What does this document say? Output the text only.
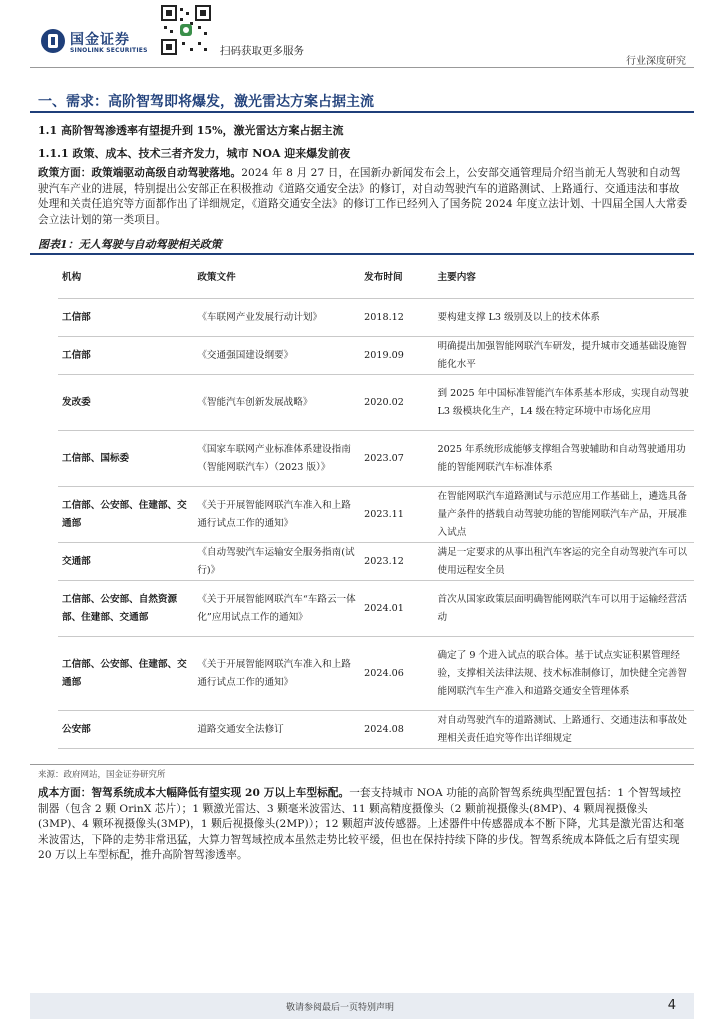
国金证券
SINOLINK SECURITIES	扫码获取更多服务
行业深度研究
一、需求：高阶智驾即将爆发，激光雷达方案占据主流
1.1 高阶智驾渗透率有望提升到 15%，激光雷达方案占据主流
1.1.1 政策、成本、技术三者齐发力，城市 NOA 迎来爆发前夜
政策方面：政策端驱动高级自动驾驶落地。2024 年 8 月 27 日，在国新办新闻发布会上，公安部交通管理局介绍当前无人驾驶和自动驾驶汽车产业的进展，特别提出公安部正在积极推动《道路交通安全法》的修订，对自动驾驶汽车的道路测试、上路通行、交通违法和事故处理和关责任追究等方面都作出了详细规定，《道路交通安全法》的修订工作已经列入了国务院 2024 年度立法计划、十四届全国人大常委会立法计划的第一类项目。
图表1：无人驾驶与自动驾驶相关政策
机构	政策文件	发布时间	主要内容
工信部	《车联网产业发展行动计划》	2018.12	要构建支撑 L3 级别及以上的技术体系
工信部	《交通强国建设纲要》	2019.09	明确提出加强智能网联汽车研发，提升城市交通基础设施智能化水平
发改委	《智能汽车创新发展战略》	2020.02	到 2025 年中国标准智能汽车体系基本形成，实现自动驾驶 L3 级模块化生产，L4 级在特定环境中市场化应用
工信部、国标委	《国家车联网产业标准体系建设指南（智能网联汽车）（2023 版）》	2023.07	2025 年系统形成能够支撑组合驾驶辅助和自动驾驶通用功能的智能网联汽车标准体系
工信部、公安部、住建部、交通部	《关于开展智能网联汽车准入和上路通行试点工作的通知》	2023.11	在智能网联汽车道路测试与示范应用工作基础上，遴选具备量产条件的搭载自动驾驶功能的智能网联汽车产品，开展准入试点
交通部	《自动驾驶汽车运输安全服务指南(试行)》	2023.12	满足一定要求的从事出租汽车客运的完全自动驾驶汽车可以使用远程安全员
工信部、公安部、自然资源部、住建部、交通部	《关于开展智能网联汽车“车路云一体化”应用试点工作的通知》	2024.01	首次从国家政策层面明确智能网联汽车可以用于运输经营活动
工信部、公安部、住建部、交通部	《关于开展智能网联汽车准入和上路通行试点工作的通知》	2024.06	确定了 9 个进入试点的联合体。基于试点实证积累管理经验，支撑相关法律法规、技术标准制修订，加快健全完善智能网联汽车生产准入和道路交通安全管理体系
公安部	道路交通安全法修订	2024.08	对自动驾驶汽车的道路测试、上路通行、交通违法和事故处理相关责任追究等作出详细规定
来源：政府网站，国金证券研究所
成本方面：智驾系统成本大幅降低有望实现 20 万以上车型标配。一套支持城市 NOA 功能的高阶智驾系统典型配置包括：1 个智驾域控制器（包含 2 颗 OrinX 芯片）；1 颗激光雷达、3 颗毫米波雷达、11 颗高精度摄像头（2 颗前视摄像头(8MP)、4 颗周视摄像头(3MP)、4 颗环视摄像头(3MP)，1 颗后视摄像头(2MP)）；12 颗超声波传感器。上述器件中传感器成本不断下降，尤其是激光雷达和毫米波雷达，下降的走势非常迅猛，大算力智驾域控成本虽然走势比较平缓，但也在保持持续下降的步伐。智驾系统成本降低之后有望实现 20 万以上车型标配，推升高阶智驾渗透率。
敬请参阅最后一页特别声明	4
